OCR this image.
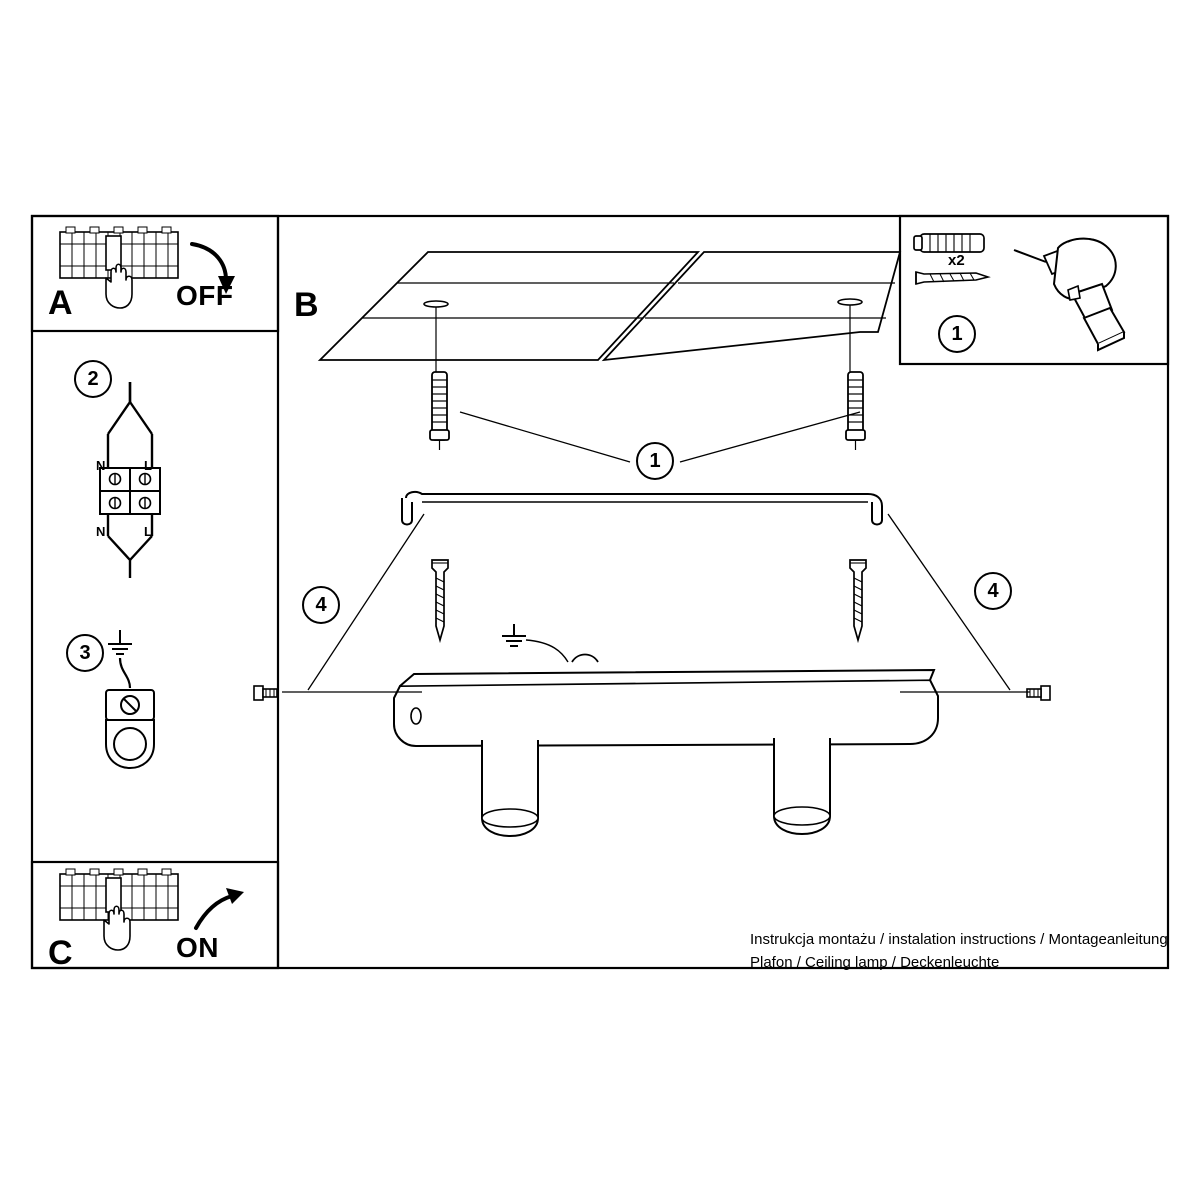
A	OFF
C	ON
2
N	L
N	L
3
B
1
4
4
1
x2
Instrukcja montażu / instalation instructions / Montageanleitung
Plafon / Ceiling lamp / Deckenleuchte
